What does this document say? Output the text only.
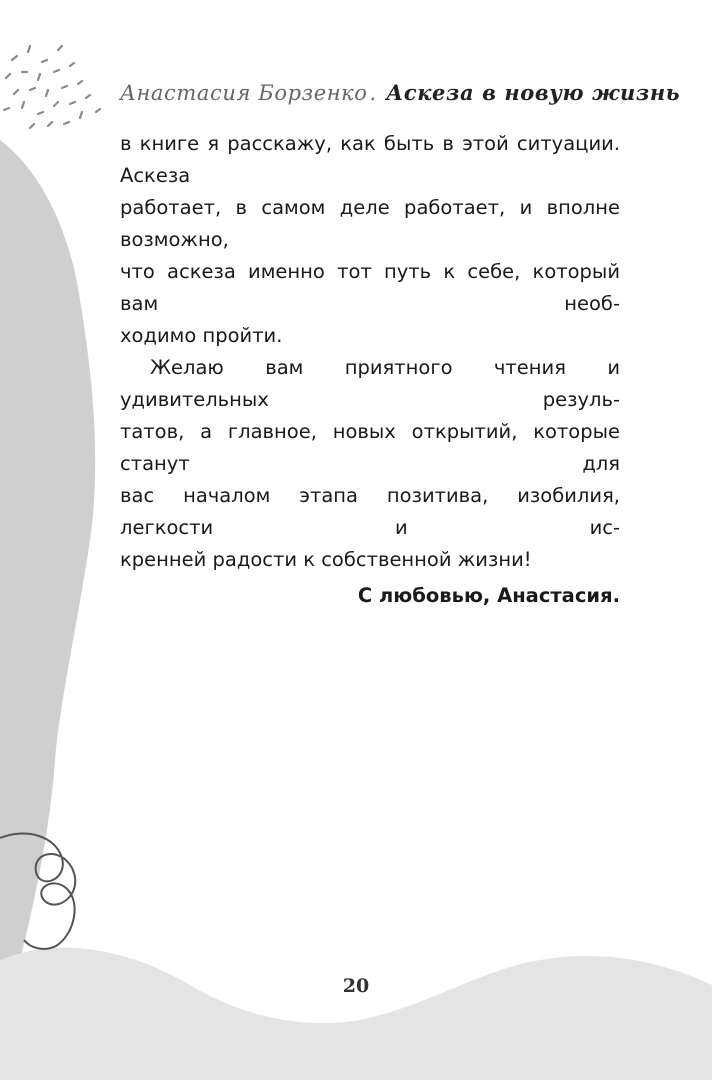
Анастасия Борзенко. Аскеза в новую жизнь

в книге я расскажу, как быть в этой ситуации. Аскеза
работает, в самом деле работает, и вполне возможно,
что аскеза именно тот путь к себе, который вам необ-
ходимо пройти.

Желаю вам приятного чтения и удивительных резуль-
татов, а главное, новых открытий, которые станут для
вас началом этапа позитива, изобилия, легкости и ис-
кренней радости к собственной жизни!

С любовью, Анастасия.
20
